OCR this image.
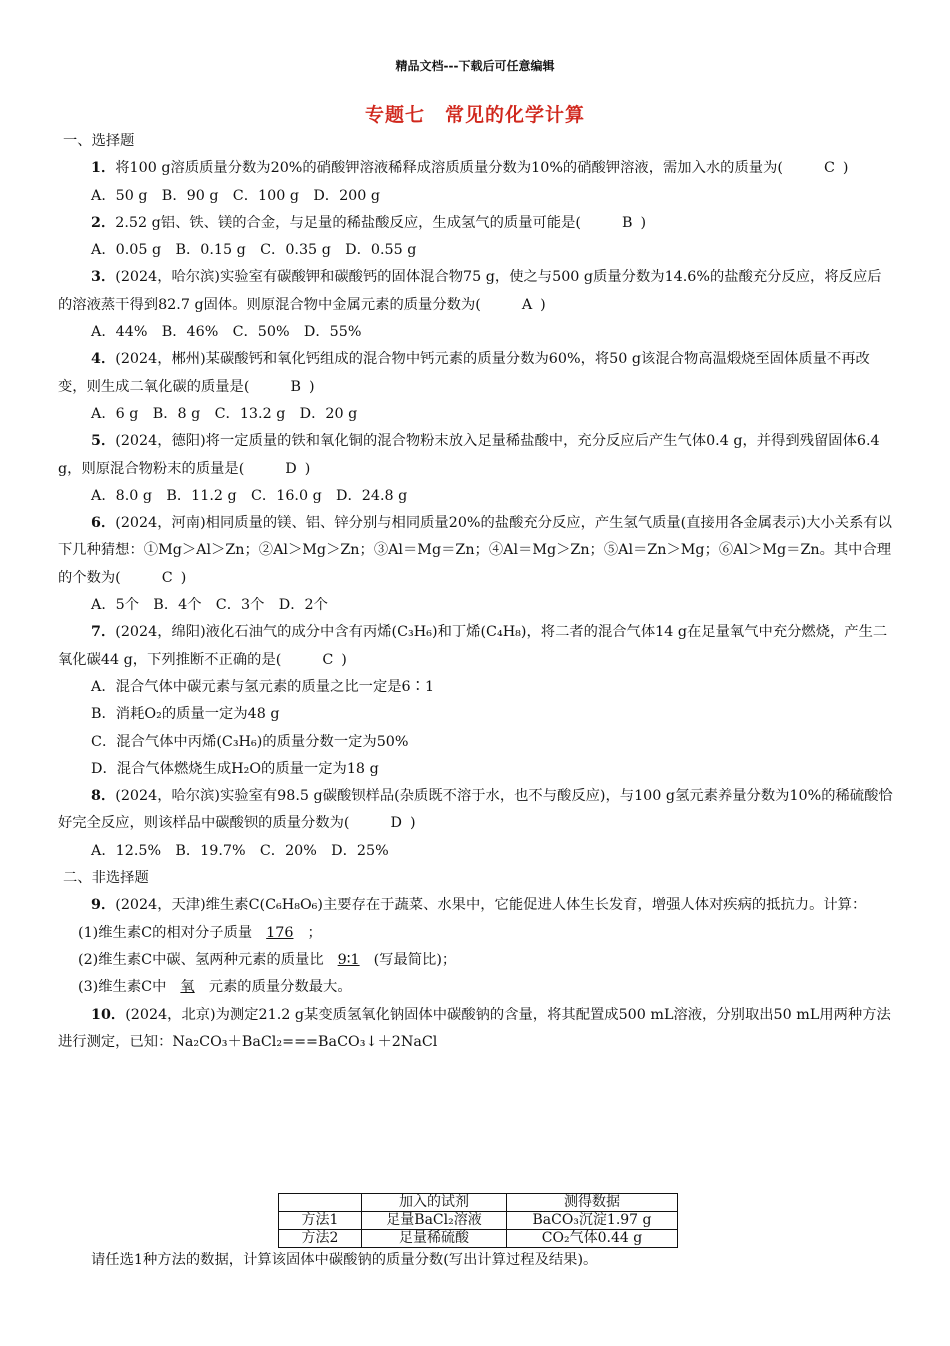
精品文档---下载后可任意编辑
专题七　常见的化学计算
一、选择题
1．将100 g溶质质量分数为20%的硝酸钾溶液稀释成溶质质量分数为10%的硝酸钾溶液，需加入水的质量为(	C )
A．50 g　B．90 g　C．100 g　D．200 g
2．2.52 g铝、铁、镁的合金，与足量的稀盐酸反应，生成氢气的质量可能是(	B )
A．0.05 g　B．0.15 g　C．0.35 g　D．0.55 g
3．(2024，哈尔滨)实验室有碳酸钾和碳酸钙的固体混合物75 g，使之与500 g质量分数为14.6%的盐酸充分反应，将反应后的溶液蒸干得到82.7 g固体。则原混合物中金属元素的质量分数为(	A )
A．44%　B．46%　C．50%　D．55%
4．(2024，郴州)某碳酸钙和氧化钙组成的混合物中钙元素的质量分数为60%，将50 g该混合物高温煅烧至固体质量不再改变，则生成二氧化碳的质量是(	B )
A．6 g　B．8 g　C．13.2 g　D．20 g
5．(2024，德阳)将一定质量的铁和氧化铜的混合物粉末放入足量稀盐酸中，充分反应后产生气体0.4 g，并得到残留固体6.4 g，则原混合物粉末的质量是(	D )
A．8.0 g　B．11.2 g　C．16.0 g　D．24.8 g
6．(2024，河南)相同质量的镁、铝、锌分别与相同质量20%的盐酸充分反应，产生氢气质量(直接用各金属表示)大小关系有以下几种猜想：①Mg＞Al＞Zn；②Al＞Mg＞Zn；③Al＝Mg＝Zn；④Al＝Mg＞Zn；⑤Al＝Zn＞Mg；⑥Al＞Mg＝Zn。其中合理的个数为(	C )
A．5个　B．4个　C．3个　D．2个
7．(2024，绵阳)液化石油气的成分中含有丙烯(C₃H₆)和丁烯(C₄H₈)，将二者的混合气体14 g在足量氧气中充分燃烧，产生二氧化碳44 g，下列推断不正确的是(	C )
A．混合气体中碳元素与氢元素的质量之比一定是6∶1
B．消耗O₂的质量一定为48 g
C．混合气体中丙烯(C₃H₆)的质量分数一定为50%
D．混合气体燃烧生成H₂O的质量一定为18 g
8．(2024，哈尔滨)实验室有98.5 g碳酸钡样品(杂质既不溶于水，也不与酸反应)，与100 g氢元素养量分数为10%的稀硫酸恰好完全反应，则该样品中碳酸钡的质量分数为(	D )
A．12.5%　B．19.7%　C．20%　D．25%
二、非选择题
9．(2024，天津)维生素C(C₆H₈O₆)主要存在于蔬菜、水果中，它能促进人体生长发育，增强人体对疾病的抵抗力。计算：
(1)维生素C的相对分子质量 176 ；
(2)维生素C中碳、氢两种元素的质量比 9∶1 (写最简比)；
(3)维生素C中 氧 元素的质量分数最大。
10．(2024，北京)为测定21.2 g某变质氢氧化钠固体中碳酸钠的含量，将其配置成500 mL溶液，分别取出50 mL用两种方法进行测定，已知：Na₂CO₃＋BaCl₂===BaCO₃↓＋2NaCl
	加入的试剂	测得数据
方法1	足量BaCl₂溶液	BaCO₃沉淀1.97 g
方法2	足量稀硫酸	CO₂气体0.44 g
请任选1种方法的数据，计算该固体中碳酸钠的质量分数(写出计算过程及结果)。
